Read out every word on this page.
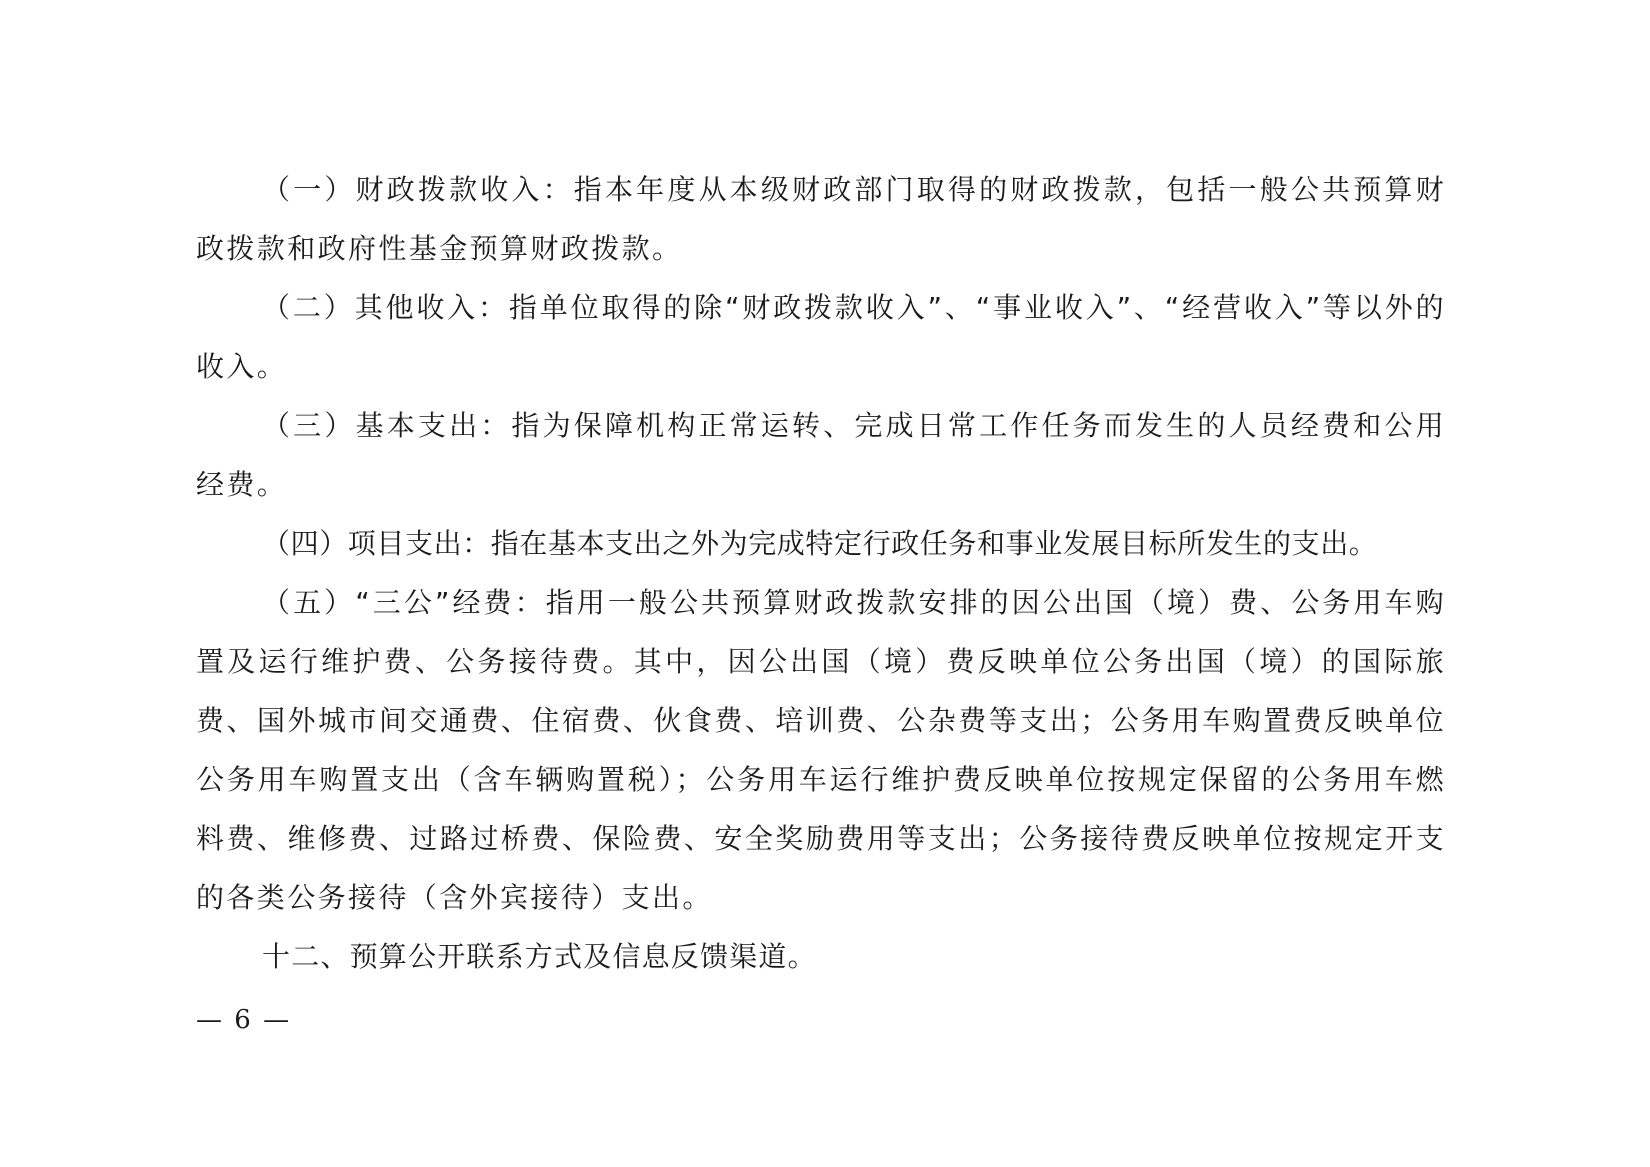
（一）财政拨款收入：指本年度从本级财政部门取得的财政拨款，包括一般公共预算财政拨款和政府性基金预算财政拨款。

（二）其他收入：指单位取得的除“财政拨款收入”、“事业收入”、“经营收入”等以外的收入。

（三）基本支出：指为保障机构正常运转、完成日常工作任务而发生的人员经费和公用经费。

（四）项目支出：指在基本支出之外为完成特定行政任务和事业发展目标所发生的支出。

（五）“三公”经费：指用一般公共预算财政拨款安排的因公出国（境）费、公务用车购置及运行维护费、公务接待费。其中，因公出国（境）费反映单位公务出国（境）的国际旅费、国外城市间交通费、住宿费、伙食费、培训费、公杂费等支出；公务用车购置费反映单位公务用车购置支出（含车辆购置税）；公务用车运行维护费反映单位按规定保留的公务用车燃料费、维修费、过路过桥费、保险费、安全奖励费用等支出；公务接待费反映单位按规定开支的各类公务接待（含外宾接待）支出。

十二、预算公开联系方式及信息反馈渠道。

— 6 —
